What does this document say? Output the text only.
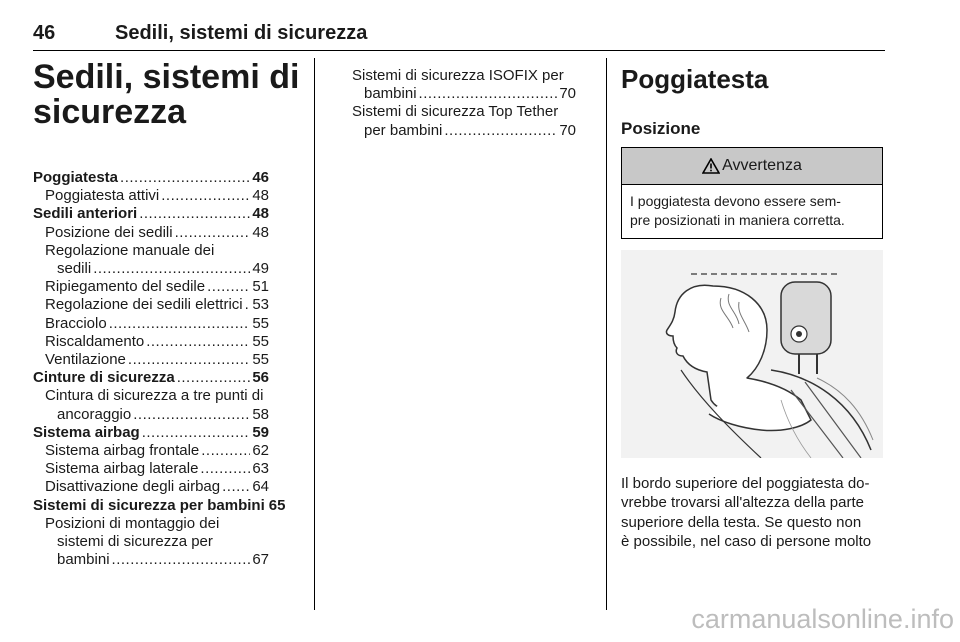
46	Sedili, sistemi di sicurezza
Sedili, sistemi di
sicurezza
Poggiatesta .....	46
Poggiatesta attivi .....	48
Sedili anteriori .....	48
Posizione dei sedili .....	48
Regolazione manuale dei
sedili .....	49
Ripiegamento del sedile .....	51
Regolazione dei sedili elettrici ..... 53
Bracciolo .....	55
Riscaldamento .....	55
Ventilazione .....	55
Cinture di sicurezza .....	56
Cintura di sicurezza a tre punti di
ancoraggio .....	58
Sistema airbag .....	59
Sistema airbag frontale .....	62
Sistema airbag laterale .....	63
Disattivazione degli airbag ..... 64
Sistemi di sicurezza per bambini 65
Posizioni di montaggio dei
sistemi di sicurezza per
bambini .....	67
Sistemi di sicurezza ISOFIX per
bambini .....	70
Sistemi di sicurezza Top Tether
per bambini .....	70
Poggiatesta
Posizione
Avvertenza
I poggiatesta devono essere sem-
pre posizionati in maniera corretta.
Il bordo superiore del poggiatesta do-
vrebbe trovarsi all'altezza della parte
superiore della testa. Se questo non
è possibile, nel caso di persone molto
carmanualsonline.info
